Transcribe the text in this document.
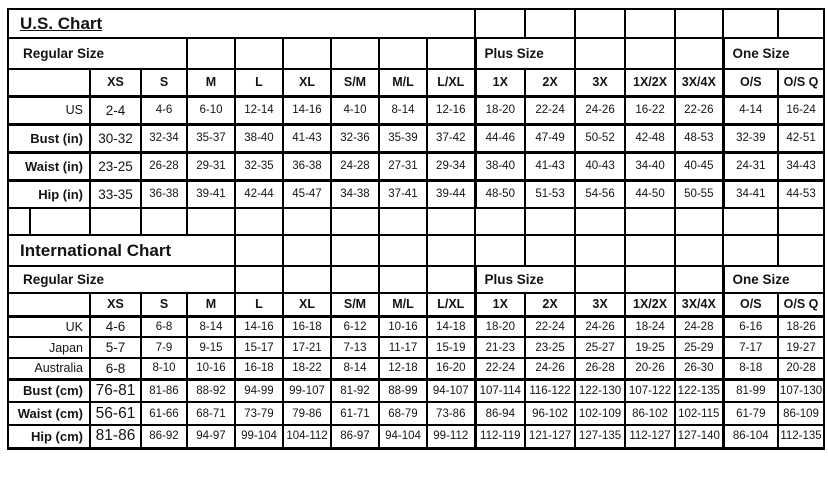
U.S. Chart																
Regular Size										Plus Size					One Size	
		XS	S	M	L	XL	S/M	M/L	L/XL	1X	2X	3X	1X/2X	3X/4X	O/S	O/S Q
US		2-4	4-6	6-10	12-14	14-16	4-10	8-14	12-16	18-20	22-24	24-26	16-22	22-26	4-14	16-24
Bust (in)		30-32	32-34	35-37	38-40	41-43	32-36	35-39	37-42	44-46	47-49	50-52	42-48	48-53	32-39	42-51
Waist (in)		23-25	26-28	29-31	32-35	36-38	24-28	27-31	29-34	38-40	41-43	40-43	34-40	40-45	24-31	34-43
Hip (in)		33-35	36-38	39-41	42-44	45-47	34-38	37-41	39-44	48-50	51-53	54-56	44-50	50-55	34-41	44-53

International Chart																
Regular Size										Plus Size					One Size	
		XS	S	M	L	XL	S/M	M/L	L/XL	1X	2X	3X	1X/2X	3X/4X	O/S	O/S Q
UK		4-6	6-8	8-14	14-16	16-18	6-12	10-16	14-18	18-20	22-24	24-26	18-24	24-28	6-16	18-26
Japan		5-7	7-9	9-15	15-17	17-21	7-13	11-17	15-19	21-23	23-25	25-27	19-25	25-29	7-17	19-27
Australia		6-8	8-10	10-16	16-18	18-22	8-14	12-18	16-20	22-24	24-26	26-28	20-26	26-30	8-18	20-28
Bust (cm)		76-81	81-86	88-92	94-99	99-107	81-92	88-99	94-107	107-114	116-122	122-130	107-122	122-135	81-99	107-130
Waist (cm)		56-61	61-66	68-71	73-79	79-86	61-71	68-79	73-86	86-94	96-102	102-109	86-102	102-115	61-79	86-109
Hip (cm)		81-86	86-92	94-97	99-104	104-112	86-97	94-104	99-112	112-119	121-127	127-135	112-127	127-140	86-104	112-135
